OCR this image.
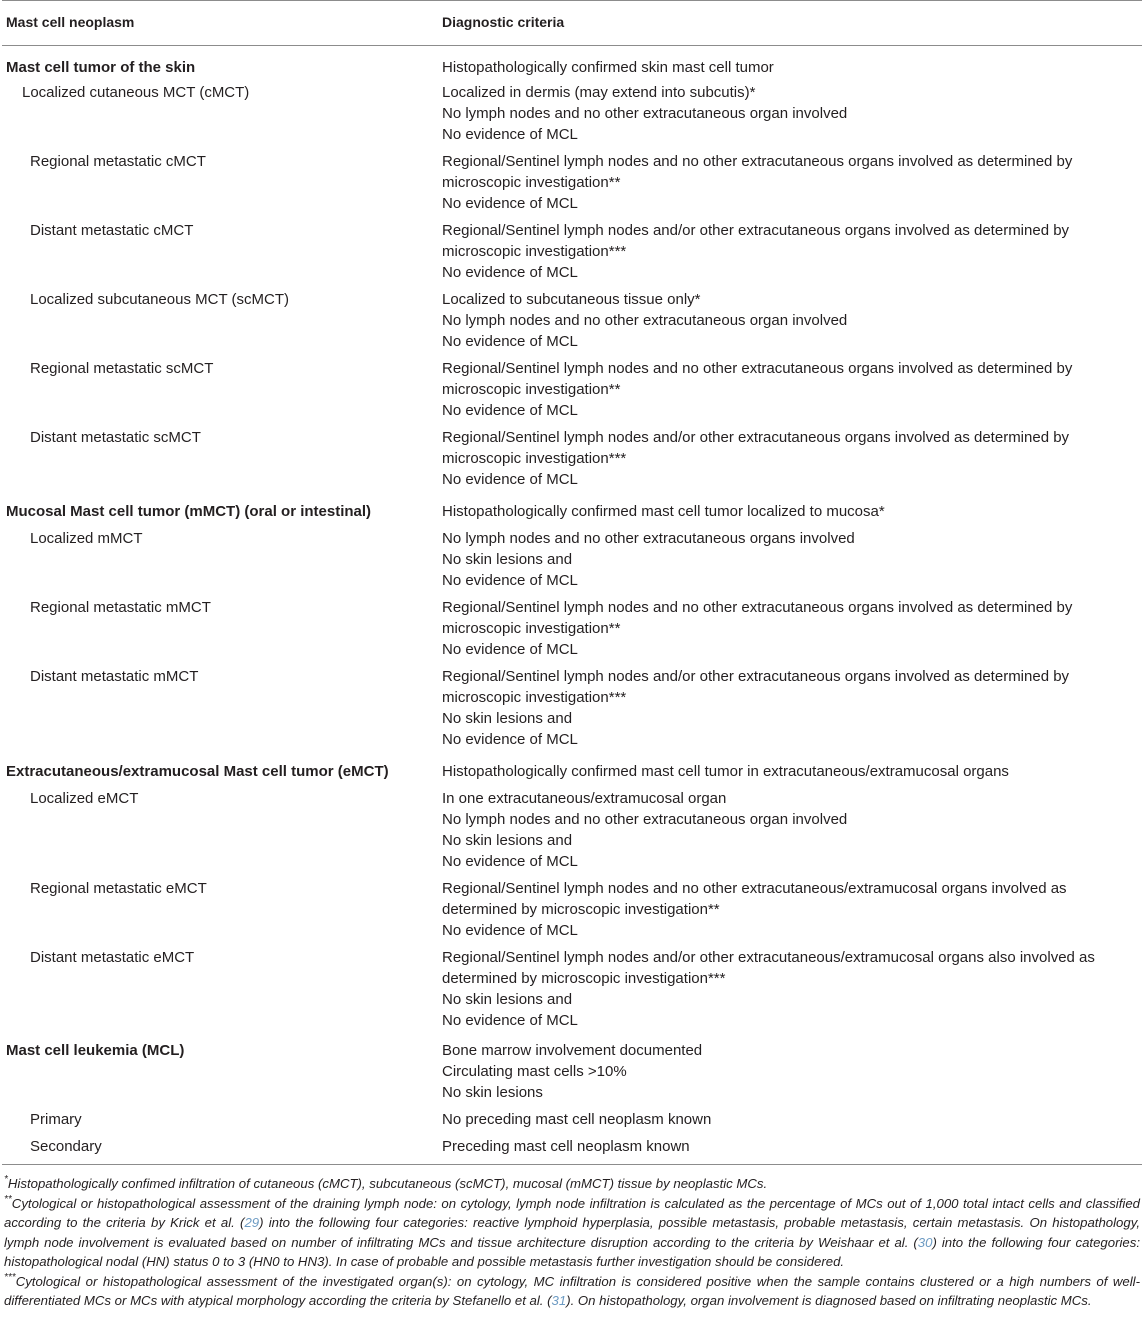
Mast cell neoplasm	Diagnostic criteria
Mast cell tumor of the skin	Histopathologically confirmed skin mast cell tumor

Localized cutaneous MCT (cMCT)	Localized in dermis (may extend into subcutis)*
No lymph nodes and no other extracutaneous organ involved
No evidence of MCL

Regional metastatic cMCT	Regional/Sentinel lymph nodes and no other extracutaneous organs involved as determined by microscopic investigation**
No evidence of MCL

Distant metastatic cMCT	Regional/Sentinel lymph nodes and/or other extracutaneous organs involved as determined by microscopic investigation***
No evidence of MCL

Localized subcutaneous MCT (scMCT)	Localized to subcutaneous tissue only*
No lymph nodes and no other extracutaneous organ involved
No evidence of MCL

Regional metastatic scMCT	Regional/Sentinel lymph nodes and no other extracutaneous organs involved as determined by microscopic investigation**
No evidence of MCL

Distant metastatic scMCT	Regional/Sentinel lymph nodes and/or other extracutaneous organs involved as determined by microscopic investigation***
No evidence of MCL

Mucosal Mast cell tumor (mMCT) (oral or intestinal)	Histopathologically confirmed mast cell tumor localized to mucosa*

Localized mMCT	No lymph nodes and no other extracutaneous organs involved
No skin lesions and
No evidence of MCL

Regional metastatic mMCT	Regional/Sentinel lymph nodes and no other extracutaneous organs involved as determined by microscopic investigation**
No evidence of MCL

Distant metastatic mMCT	Regional/Sentinel lymph nodes and/or other extracutaneous organs involved as determined by microscopic investigation***
No skin lesions and
No evidence of MCL

Extracutaneous/extramucosal Mast cell tumor (eMCT)	Histopathologically confirmed mast cell tumor in extracutaneous/extramucosal organs

Localized eMCT	In one extracutaneous/extramucosal organ
No lymph nodes and no other extracutaneous organ involved
No skin lesions and
No evidence of MCL

Regional metastatic eMCT	Regional/Sentinel lymph nodes and no other extracutaneous/extramucosal organs involved as determined by microscopic investigation**
No evidence of MCL

Distant metastatic eMCT	Regional/Sentinel lymph nodes and/or other extracutaneous/extramucosal organs also involved as determined by microscopic investigation***
No skin lesions and
No evidence of MCL

Mast cell leukemia (MCL)	Bone marrow involvement documented
Circulating mast cells >10%
No skin lesions

Primary	No preceding mast cell neoplasm known

Secondary	Preceding mast cell neoplasm known

*Histopathologically confimed infiltration of cutaneous (cMCT), subcutaneous (scMCT), mucosal (mMCT) tissue by neoplastic MCs.

**Cytological or histopathological assessment of the draining lymph node: on cytology, lymph node infiltration is calculated as the percentage of MCs out of 1,000 total intact cells and classified according to the criteria by Krick et al. (29) into the following four categories: reactive lymphoid hyperplasia, possible metastasis, probable metastasis, certain metastasis. On histopathology, lymph node involvement is evaluated based on number of infiltrating MCs and tissue architecture disruption according to the criteria by Weishaar et al. (30) into the following four categories: histopathological nodal (HN) status 0 to 3 (HN0 to HN3). In case of probable and possible metastasis further investigation should be considered.

***Cytological or histopathological assessment of the investigated organ(s): on cytology, MC infiltration is considered positive when the sample contains clustered or a high numbers of well-differentiated MCs or MCs with atypical morphology according the criteria by Stefanello et al. (31). On histopathology, organ involvement is diagnosed based on infiltrating neoplastic MCs.
